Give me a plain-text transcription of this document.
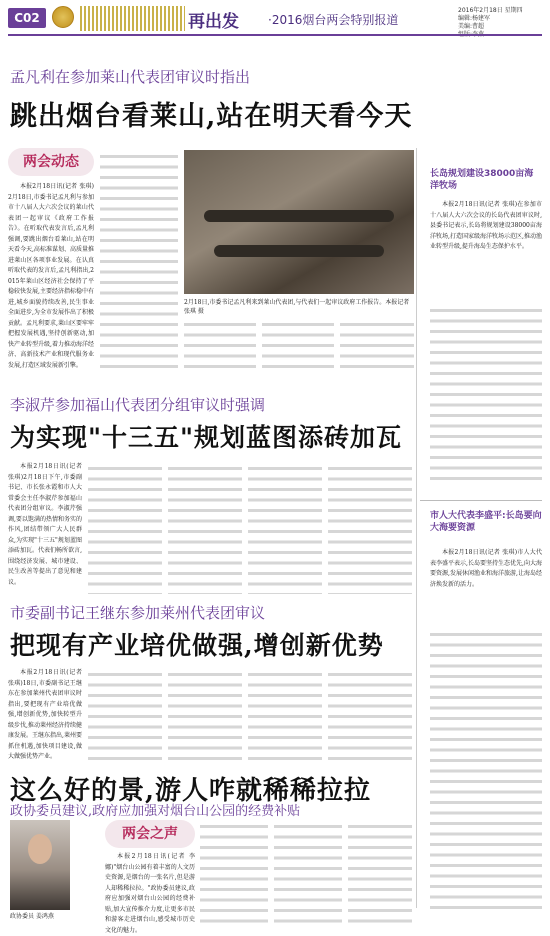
C02	再出发 ·2016烟台两会特别报道
2016年2月18日 星期四
编辑:杨建军
美编:曹超
孟凡利在参加莱山代表团审议时指出
跳出烟台看莱山,站在明天看今天
两会动态

本报2月18日讯(记者 张琪)2月18日,市委书记孟凡利与参加市十八届人大六次会议的莱山代表团一起审议《政府工作报告》。在听取代表发言后,孟凡利强调,要跳出烟台看莱山,站在明天看今天,高标准谋划、高质量推进莱山区各项事业发展。在认真听取代表的发言后,孟凡利指出,2015年莱山区经济社会保持了平稳较快发展,主要经济指标稳中有进,城乡面貌持续改善,民生事业全面进步,为全市发展作出了积极贡献。孟凡利要求,莱山区要牢牢把握发展机遇,坚持创新驱动,加快产业转型升级,着力推动海洋经济、高新技术产业和现代服务业发展,打造区域发展新引擎。

2月18日,市委书记孟凡利来到莱山代表团,与代表们一起审议政府工作报告。本报记者 张琪 摄
长岛规划建设38000亩海洋牧场

本报2月18日讯(记者 张琪)在参加市十八届人大六次会议的长岛代表团审议时,县委书记表示,长岛将规划建设38000亩海洋牧场,打造国家级海洋牧场示范区,推动渔业转型升级,提升海岛生态保护水平。

市人大代表李盛平:长岛要向大海要资源

本报2月18日讯(记者 张琪)市人大代表李盛平表示,长岛要坚持生态优先,向大海要资源,发展休闲渔业和海洋旅游,让海岛经济焕发新的活力。

李淑芹参加福山代表团分组审议时强调
为实现"十三五"规划蓝图添砖加瓦

本报2月18日讯(记者 张琪)2月18日下午,市委副书记、市长张永霞和市人大常委会主任李淑芹参加福山代表团分组审议。李淑芹强调,要以饱满的热情和务实的作风,团结带领广大人民群众,为实现"十三五"规划蓝图添砖加瓦。代表们畅所欲言,围绕经济发展、城市建设、民生改善等提出了意见和建议。

市委副书记王继东参加莱州代表团审议
把现有产业培优做强,增创新优势

本报2月18日讯(记者 张琪)18日,市委副书记王继东在参加莱州代表团审议时指出,要把现有产业培优做强,增创新优势,加快转型升级步伐,推动莱州经济持续健康发展。王继东指出,莱州要抓住机遇,加快项目建设,做大做强优势产业。

这么好的景,游人咋就稀稀拉拉
政协委员建议,政府应加强对烟台山公园的经费补贴
政协委员 姜鸿燕
两会之声

本报2月18日讯(记者 李娜)"烟台山公园有着丰富的人文历史资源,是烟台的一张名片,但是游人却稀稀拉拉。"政协委员建议,政府应加强对烟台山公园的经费补贴,加大宣传推介力度,让更多市民和游客走进烟台山,感受城市历史文化的魅力。
